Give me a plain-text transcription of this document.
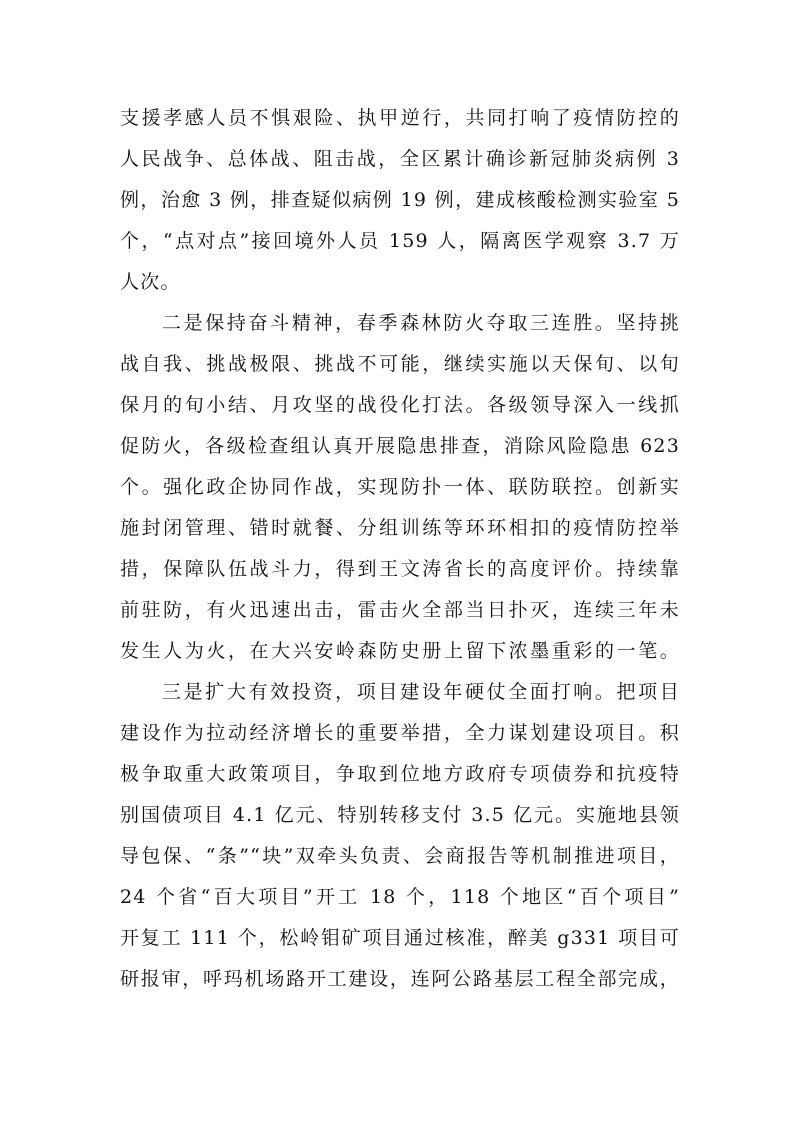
支援孝感人员不惧艰险、执甲逆行，共同打响了疫情防控的
人民战争、总体战、阻击战，全区累计确诊新冠肺炎病例 3
例，治愈 3 例，排查疑似病例 19 例，建成核酸检测实验室 5
个，“点对点”接回境外人员 159 人，隔离医学观察 3.7 万
人次。
二是保持奋斗精神，春季森林防火夺取三连胜。坚持挑
战自我、挑战极限、挑战不可能，继续实施以天保旬、以旬
保月的旬小结、月攻坚的战役化打法。各级领导深入一线抓
促防火，各级检查组认真开展隐患排查，消除风险隐患 623
个。强化政企协同作战，实现防扑一体、联防联控。创新实
施封闭管理、错时就餐、分组训练等环环相扣的疫情防控举
措，保障队伍战斗力，得到王文涛省长的高度评价。持续靠
前驻防，有火迅速出击，雷击火全部当日扑灭，连续三年未
发生人为火，在大兴安岭森防史册上留下浓墨重彩的一笔。
三是扩大有效投资，项目建设年硬仗全面打响。把项目
建设作为拉动经济增长的重要举措，全力谋划建设项目。积
极争取重大政策项目，争取到位地方政府专项债券和抗疫特
别国债项目 4.1 亿元、特别转移支付 3.5 亿元。实施地县领
导包保、“条”“块”双牵头负责、会商报告等机制推进项目，
24 个省“百大项目”开工 18 个，118 个地区“百个项目”
开复工 111 个，松岭钼矿项目通过核准，醉美 g331 项目可
研报审，呼玛机场路开工建设，连阿公路基层工程全部完成，
